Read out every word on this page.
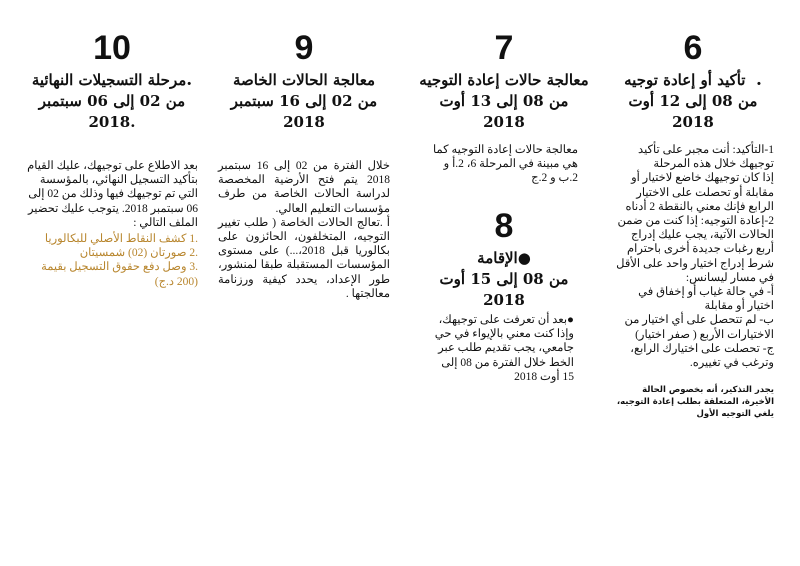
6
.  تأكيد أو إعادة توجيه
من 08 إلى 12 أوت 2018

1-التأكيد: أنت مجبر على تأكيد توجيهك خلال هذه المرحلة

إذا كان توجيهك خاضع لاختيار أو مقابلة أو تحصلت على الاختيار الرابع فإنك معني بالنقطة 2 أدناه

2-إعادة التوجيه: إذا كنت من ضمن الحالات الآتية، يجب عليك إدراج أربع رغبات جديدة أخرى باحترام شرط إدراج اختيار واحد على الأقل في مسار ليسانس:

أ- في حالة غياب أو إخفاق في اختيار أو مقابلة

ب- لم تتحصل على أي اختيار من الاختيارات الأربع ( صفر اختيار)

ج- تحصلت على اختيارك الرابع، وترغب في تغييره.

يجدر التذكير، أنه بخصوص الحالة الأخيرة، المتعلقة بطلب إعادة التوجيه، يلغي التوجيه الأول
7
معالجة حالات إعادة التوجيه
من 08 إلى 13 أوت 2018
معالجة حالات إعادة التوجيه كما هي مبينة في المرحلة 6، 2.أ و 2.ب و 2.ج
8
●الإقامة
من 08 إلى 15 أوت 2018
●بعد أن تعرفت على توجيهك، وإذا كنت معني بالإيواء في حي جامعي، يجب تقديم طلب عبر الخط خلال الفترة من 08 إلى 15 أوت 2018
9
معالجة الحالات الخاصة
من 02 إلى 16 سبتمبر
2018

خلال الفترة من 02 إلى 16 سبتمبر 2018 يتم فتح الأرضية المخصصة لدراسة الحالات الخاصة من طرف مؤسسات التعليم العالي.

أ .تعالج الحالات الخاصة ( طلب تغيير التوجيه، المتخلفون، الحائزون على بكالوريا قبل 2018،...) على مستوى المؤسسات المستقبلة طبقا لمنشور، طور الإعداد، يحدد كيفية ورزنامة معالجتها .

10
.مرحلة التسجيلات النهائية
من 02 إلى 06 سبتمبر
.2018
بعد الاطلاع على توجيهك، عليك القيام بتأكيد التسجيل النهائي، بالمؤسسة التي تم توجيهك فيها وذلك من 02 إلى 06 سبتمبر 2018. يتوجب عليك تحضير الملف التالي :

.1 كشف النقاط الأصلي للبكالوريا

.2 صورتان (02) شمسيتان

.3 وصل دفع حقوق التسجيل بقيمة (200 د.ج)
